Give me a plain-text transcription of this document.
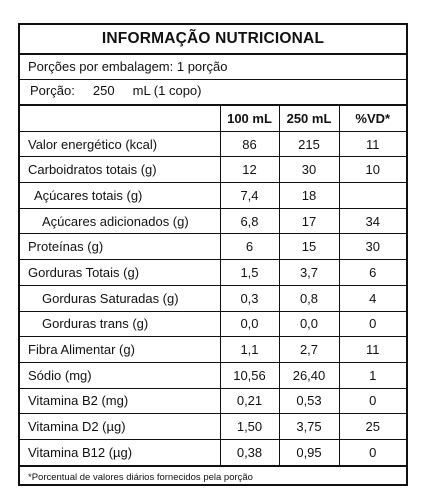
INFORMAÇÃO NUTRICIONAL
Porções por embalagem: 1 porção
Porção:     250     mL (1 copo)
	100 mL	250 mL	%VD*
Valor energético (kcal)	86	215	11
Carboidratos totais (g)	12	30	10
Açúcares totais (g)	7,4	18	
Açúcares adicionados (g)	6,8	17	34
Proteínas (g)	6	15	30
Gorduras Totais (g)	1,5	3,7	6
Gorduras Saturadas (g)	0,3	0,8	4
Gorduras trans (g)	0,0	0,0	0
Fibra Alimentar (g)	1,1	2,7	11
Sódio (mg)	10,56	26,40	1
Vitamina B2 (mg)	0,21	0,53	0
Vitamina D2 (µg)	1,50	3,75	25
Vitamina B12 (µg)	0,38	0,95	0
*Porcentual de valores diários fornecidos pela porção
